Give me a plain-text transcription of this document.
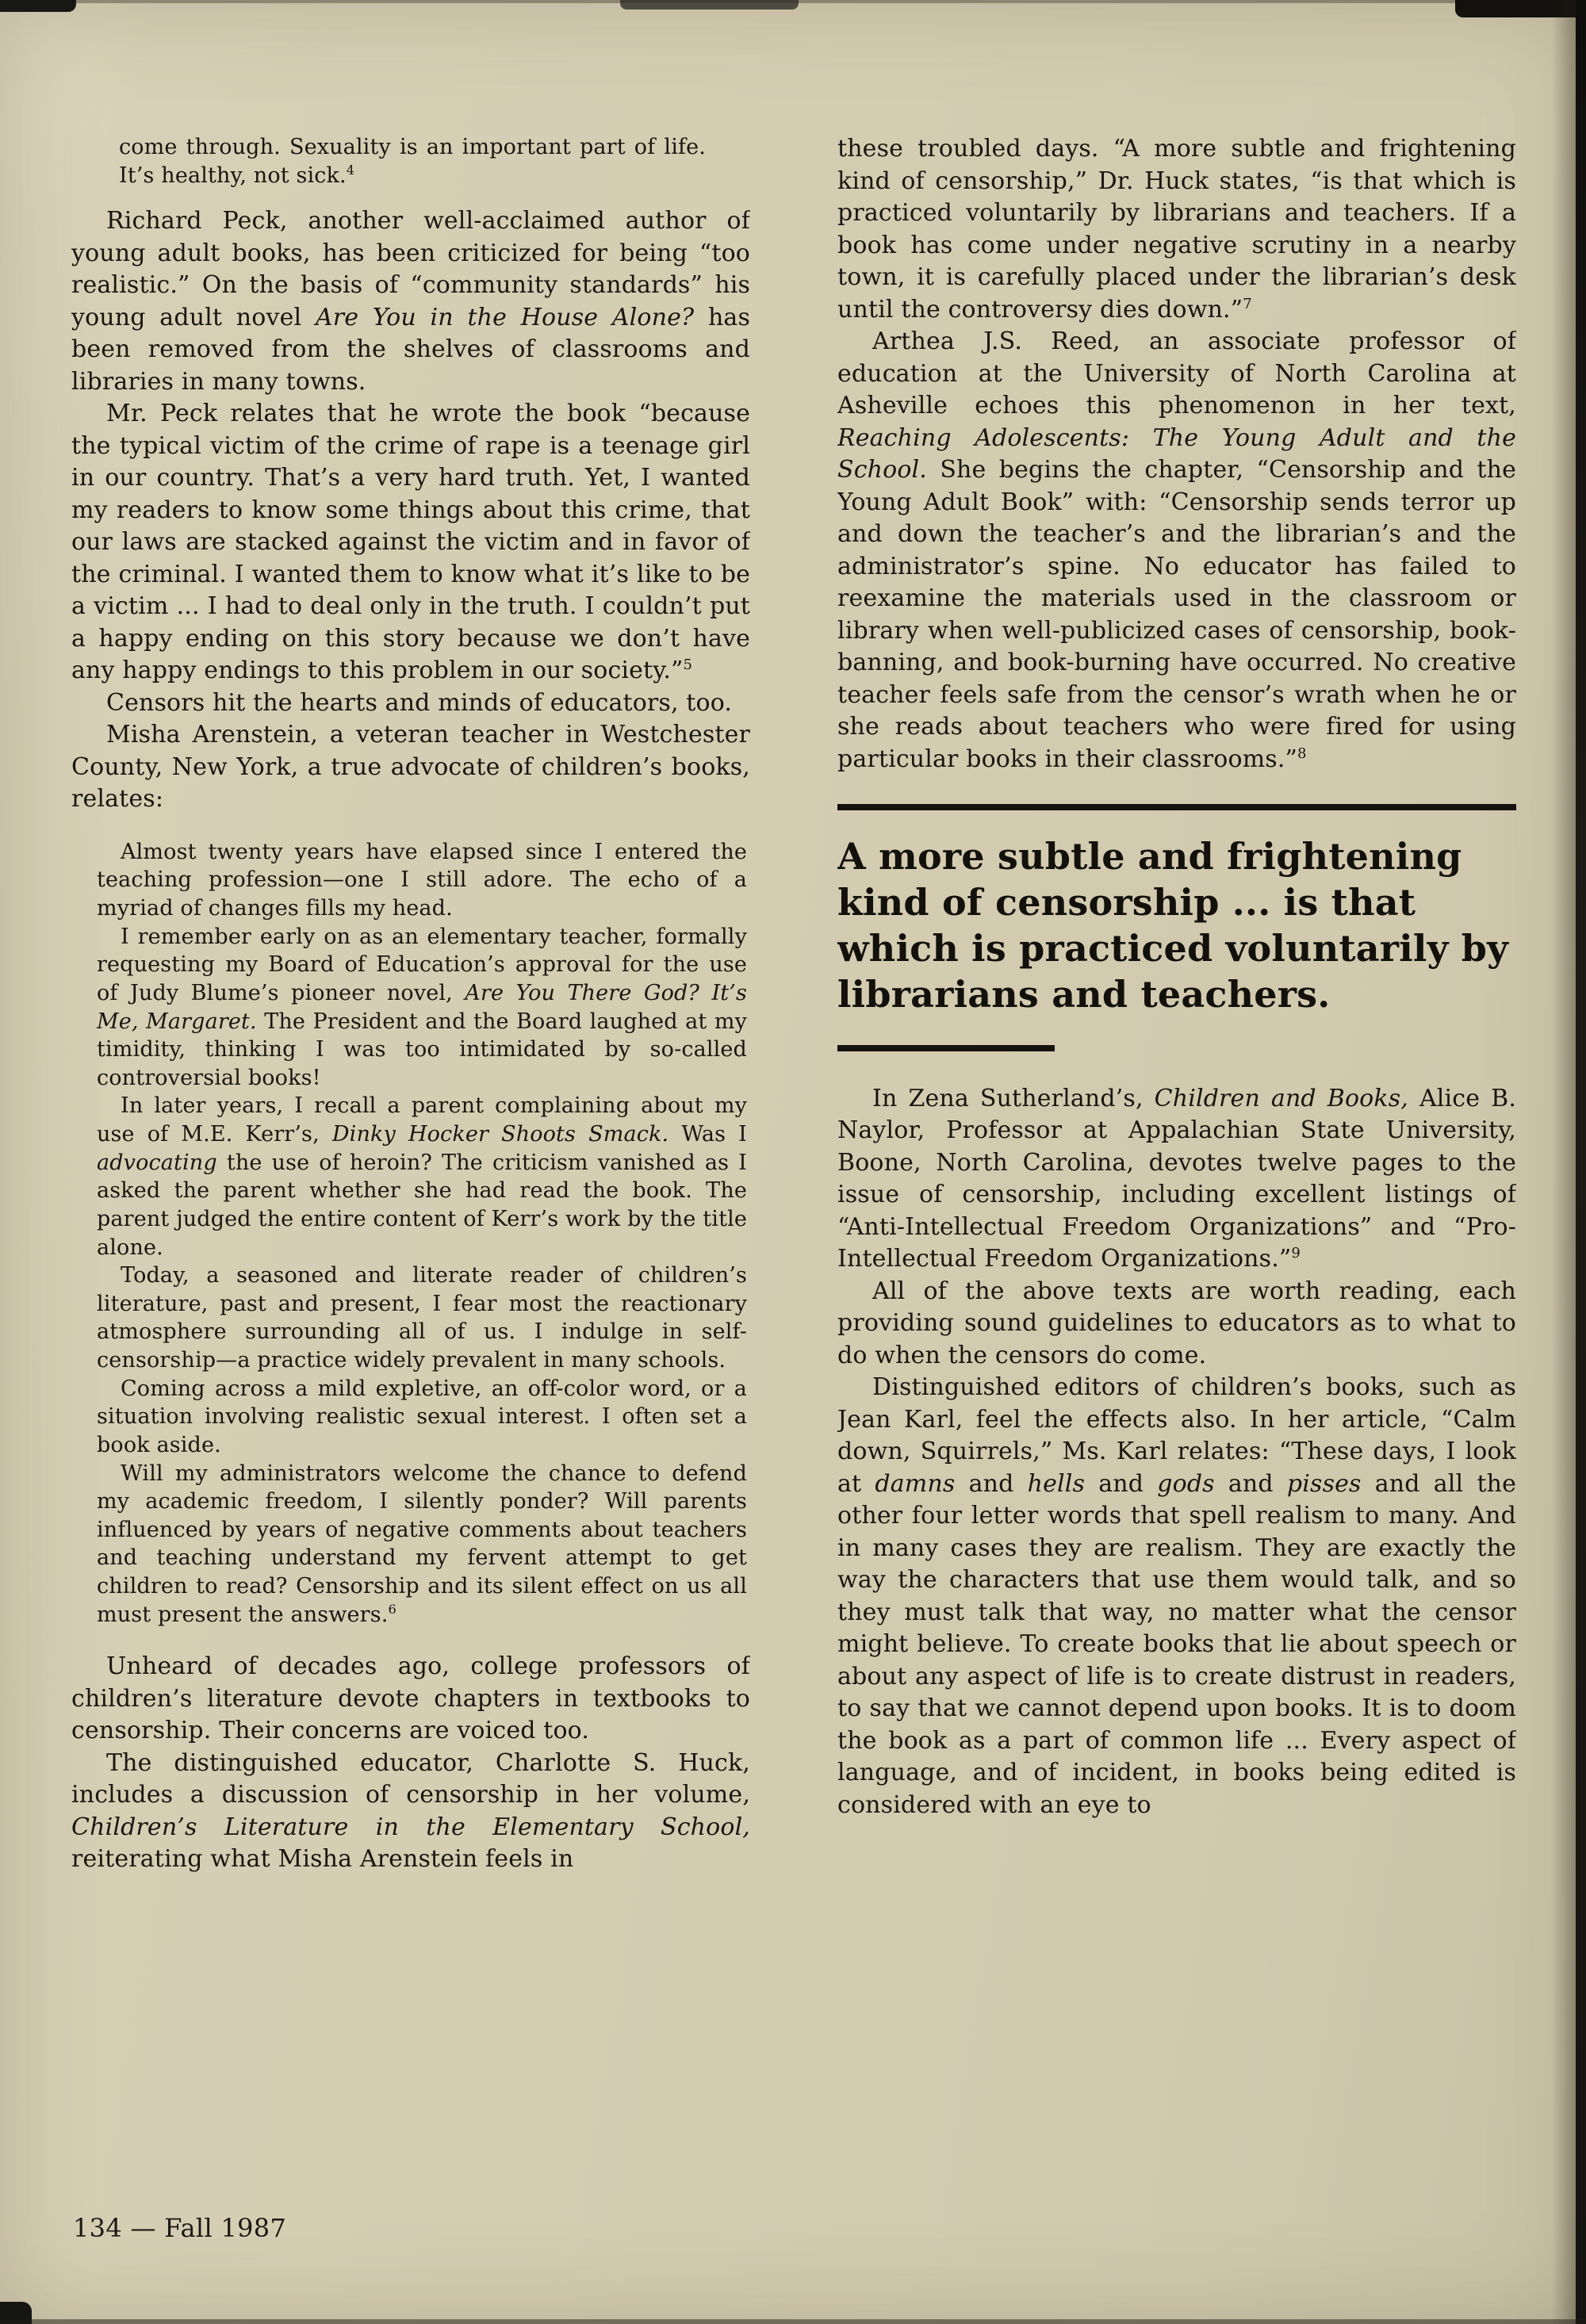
come through. Sexuality is an important part of life. It’s healthy, not sick.$^4$

Richard Peck, another well-acclaimed author of young adult books, has been criticized for being “too realistic.” On the basis of “community standards” his young adult novel Are You in the House Alone? has been removed from the shelves of classrooms and libraries in many towns.

Mr. Peck relates that he wrote the book “because the typical victim of the crime of rape is a teenage girl in our country. That’s a very hard truth. Yet, I wanted my readers to know some things about this crime, that our laws are stacked against the victim and in favor of the criminal. I wanted them to know what it’s like to be a victim ... I had to deal only in the truth. I couldn’t put a happy ending on this story because we don’t have any happy endings to this problem in our society.”$^5$

Censors hit the hearts and minds of educators, too.

Misha Arenstein, a veteran teacher in Westchester County, New York, a true advocate of children’s books, relates:

Almost twenty years have elapsed since I entered the teaching profession—one I still adore. The echo of a myriad of changes fills my head.

I remember early on as an elementary teacher, formally requesting my Board of Education’s approval for the use of Judy Blume’s pioneer novel, Are You There God? It’s Me, Margaret. The President and the Board laughed at my timidity, thinking I was too intimidated by so-called controversial books!

In later years, I recall a parent complaining about my use of M.E. Kerr’s, Dinky Hocker Shoots Smack. Was I advocating the use of heroin? The criticism vanished as I asked the parent whether she had read the book. The parent judged the entire content of Kerr’s work by the title alone.

Today, a seasoned and literate reader of children’s literature, past and present, I fear most the reactionary atmosphere surrounding all of us. I indulge in self-censorship—a practice widely prevalent in many schools.

Coming across a mild expletive, an off-color word, or a situation involving realistic sexual interest. I often set a book aside.

Will my administrators welcome the chance to defend my academic freedom, I silently ponder? Will parents influenced by years of negative comments about teachers and teaching understand my fervent attempt to get children to read? Censorship and its silent effect on us all must present the answers.$^6$

Unheard of decades ago, college professors of children’s literature devote chapters in textbooks to censorship. Their concerns are voiced too.

The distinguished educator, Charlotte S. Huck, includes a discussion of censorship in her volume, Children’s Literature in the Elementary School, reiterating what Misha Arenstein feels in

these troubled days. “A more subtle and frightening kind of censorship,” Dr. Huck states, “is that which is practiced voluntarily by librarians and teachers. If a book has come under negative scrutiny in a nearby town, it is carefully placed under the librarian’s desk until the controversy dies down.”$^7$

Arthea J.S. Reed, an associate professor of education at the University of North Carolina at Asheville echoes this phenomenon in her text, Reaching Adolescents: The Young Adult and the School. She begins the chapter, “Censorship and the Young Adult Book” with: “Censorship sends terror up and down the teacher’s and the librarian’s and the administrator’s spine. No educator has failed to reexamine the materials used in the classroom or library when well-publicized cases of censorship, book-banning, and book-burning have occurred. No creative teacher feels safe from the censor’s wrath when he or she reads about teachers who were fired for using particular books in their classrooms.”$^8$

A more subtle and frightening kind of censorship ... is that which is practiced voluntarily by librarians and teachers.

In Zena Sutherland’s, Children and Books, Alice B. Naylor, Professor at Appalachian State University, Boone, North Carolina, devotes twelve pages to the issue of censorship, including excellent listings of “Anti-Intellectual Freedom Organizations” and “Pro-Intellectual Freedom Organizations.”$^9$

All of the above texts are worth reading, each providing sound guidelines to educators as to what to do when the censors do come.

Distinguished editors of children’s books, such as Jean Karl, feel the effects also. In her article, “Calm down, Squirrels,” Ms. Karl relates: “These days, I look at damns and hells and gods and pisses and all the other four letter words that spell realism to many. And in many cases they are realism. They are exactly the way the characters that use them would talk, and so they must talk that way, no matter what the censor might believe. To create books that lie about speech or about any aspect of life is to create distrust in readers, to say that we cannot depend upon books. It is to doom the book as a part of common life ... Every aspect of language, and of incident, in books being edited is considered with an eye to

134 — Fall 1987
